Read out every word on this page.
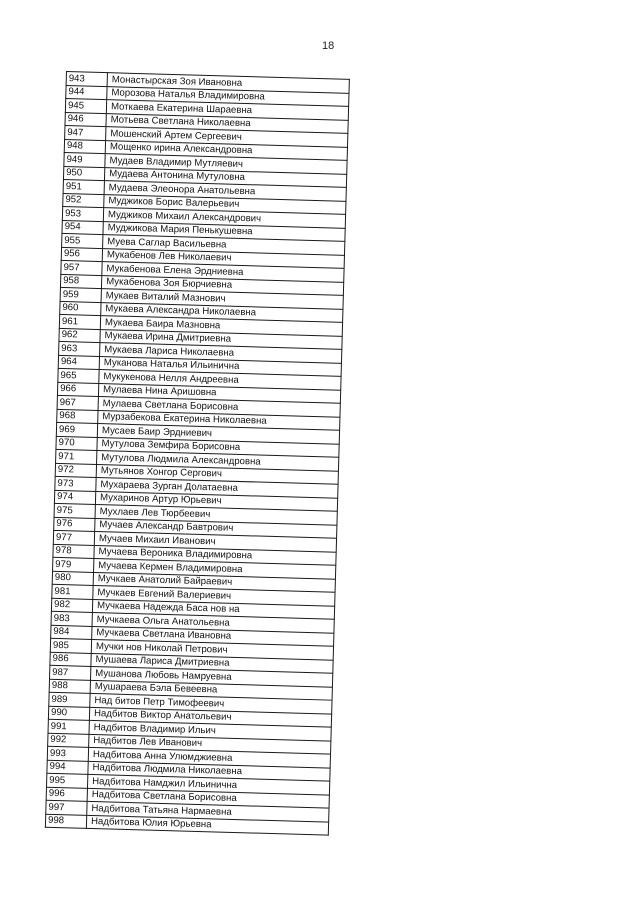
18
943	Монастырская Зоя Ивановна
944	Морозова Наталья Владимировна
945	Моткаева Екатерина Шараевна
946	Мотьева Светлана Николаевна
947	Мошенский Артем Сергеевич
948	Мощенко ирина Александровна
949	Мудаев Владимир Мутляевич
950	Мудаева Антонина Мутуловна
951	Мудаева Элеонора Анатольевна
952	Муджиков Борис Валерьевич
953	Муджиков Михаил Александрович
954	Муджикова Мария Пенькушевна
955	Муева Саглар Васильевна
956	Мукабенов Лев Николаевич
957	Мукабенова Елена Эрдниевна
958	Мукабенова Зоя Бюрчиевна
959	Мукаев Виталий Мазнович
960	Мукаева Александра Николаевна
961	Мукаева Баира Мазновна
962	Мукаева Ирина Дмитриевна
963	Мукаева Лариса Николаевна
964	Муканова Наталья Ильинична
965	Мукукенова Нелля Андреевна
966	Мулаева Нина Аришовна
967	Мулаева Светлана Борисовна
968	Мурзабекова Екатерина Николаевна
969	Мусаев Баир Эрдниевич
970	Мутулова Земфира Борисовна
971	Мутулова Людмила Александровна
972	Мутьянов Хонгор Сергович
973	Мухараева Зурган Долатаевна
974	Мухаринов Артур Юрьевич
975	Мухлаев Лев Тюрбеевич
976	Мучаев Александр Бавтрович
977	Мучаев Михаил Иванович
978	Мучаева Вероника Владимировна
979	Мучаева Кермен Владимировна
980	Мучкаев Анатолий Байраевич
981	Мучкаев Евгений Валериевич
982	Мучкаева Надежда Баса нов на
983	Мучкаева Ольга Анатольевна
984	Мучкаева Светлана Ивановна
985	Мучки нов Николай Петрович
986	Мушаева Лариса Дмитриевна
987	Мушанова Любовь Намруевна
988	Мушараева Бэла Бевеевна
989	Над битов Петр Тимофеевич
990	Надбитов Виктор Анатольевич
991	Надбитов Владимир Ильич
992	Надбитов Лев Иванович
993	Надбитова Анна Улюмджиевна
994	Надбитова Людмила Николаевна
995	Надбитова Намджил Ильинична
996	Надбитова Светлана Борисовна
997	Надбитова Татьяна Нармаевна
998	Надбитова Юлия Юрьевна
